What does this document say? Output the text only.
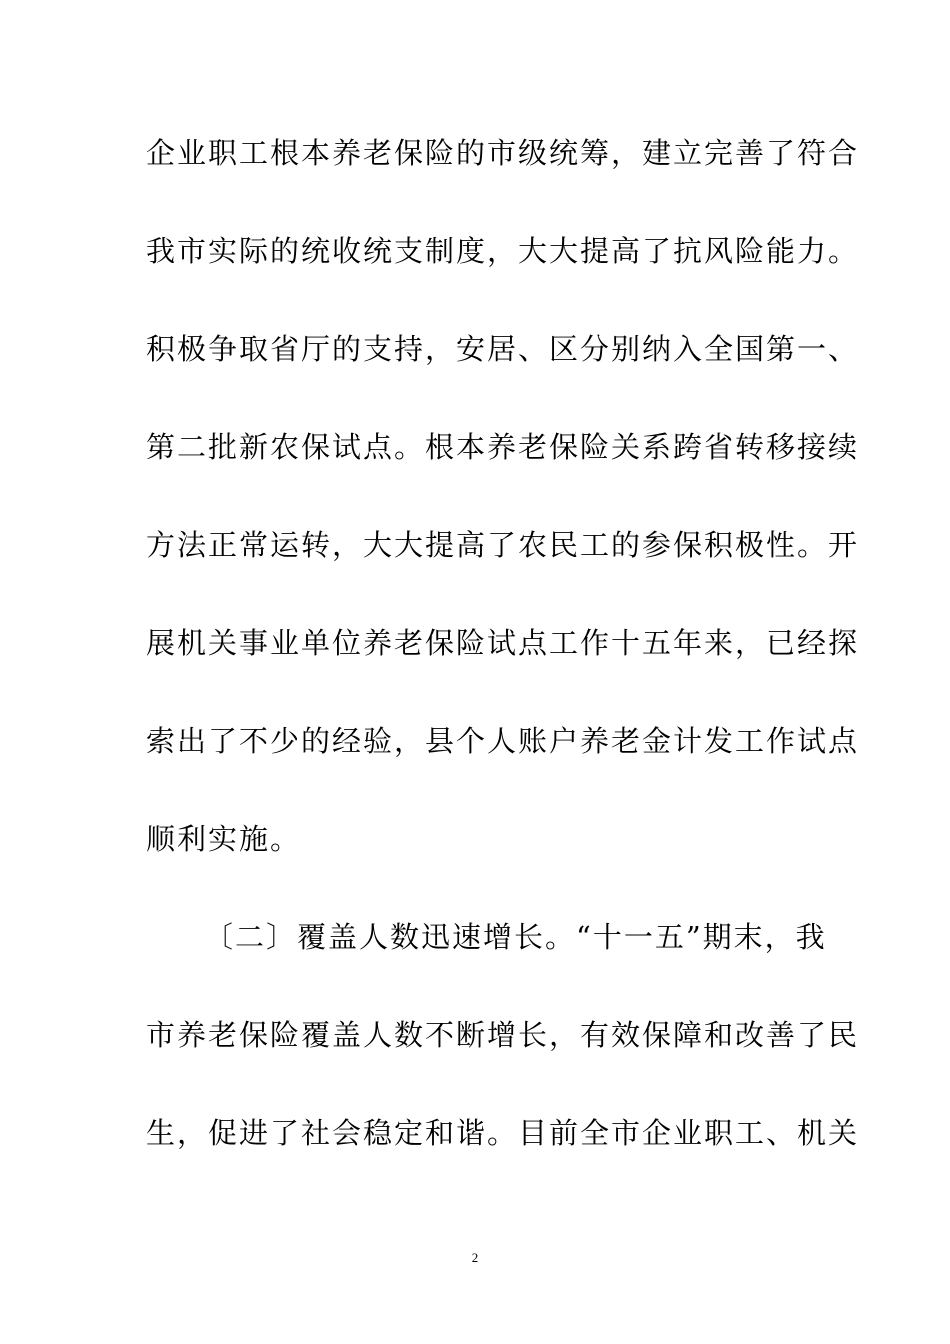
企业职工根本养老保险的市级统筹，建立完善了符合
我市实际的统收统支制度，大大提高了抗风险能力。
积极争取省厅的支持，安居、区分别纳入全国第一、
第二批新农保试点。根本养老保险关系跨省转移接续
方法正常运转，大大提高了农民工的参保积极性。开
展机关事业单位养老保险试点工作十五年来，已经探
索出了不少的经验，县个人账户养老金计发工作试点
顺利实施。
〔二〕覆盖人数迅速增长。“十一五”期末，我
市养老保险覆盖人数不断增长，有效保障和改善了民
生，促进了社会稳定和谐。目前全市企业职工、机关
2
